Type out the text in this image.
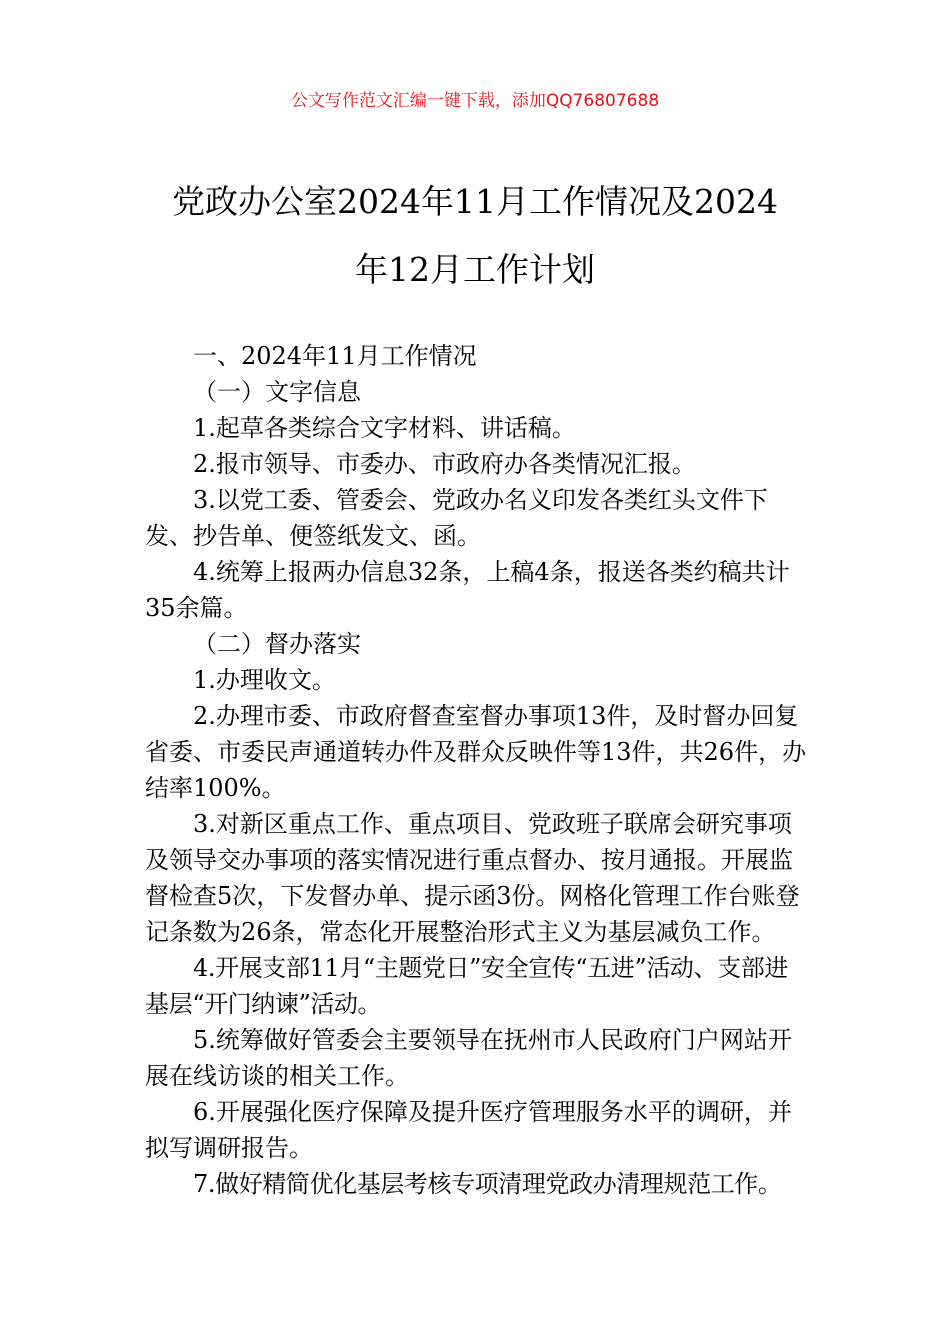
公文写作范文汇编一键下载，添加QQ76807688
党政办公室2024年11月工作情况及2024
年12月工作计划

一、2024年11月工作情况

（一）文字信息

1.起草各类综合文字材料、讲话稿。

2.报市领导、市委办、市政府办各类情况汇报。

3.以党工委、管委会、党政办名义印发各类红头文件下发、抄告单、便签纸发文、函。

4.统筹上报两办信息32条，上稿4条，报送各类约稿共计35余篇。

（二）督办落实

1.办理收文。

2.办理市委、市政府督查室督办事项13件，及时督办回复省委、市委民声通道转办件及群众反映件等13件，共26件，办结率100%。

3.对新区重点工作、重点项目、党政班子联席会研究事项及领导交办事项的落实情况进行重点督办、按月通报。开展监督检查5次，下发督办单、提示函3份。网格化管理工作台账登记条数为26条，常态化开展整治形式主义为基层减负工作。

4.开展支部11月“主题党日”安全宣传“五进”活动、支部进基层“开门纳谏”活动。

5.统筹做好管委会主要领导在抚州市人民政府门户网站开展在线访谈的相关工作。

6.开展强化医疗保障及提升医疗管理服务水平的调研，并拟写调研报告。

7.做好精简优化基层考核专项清理党政办清理规范工作。
